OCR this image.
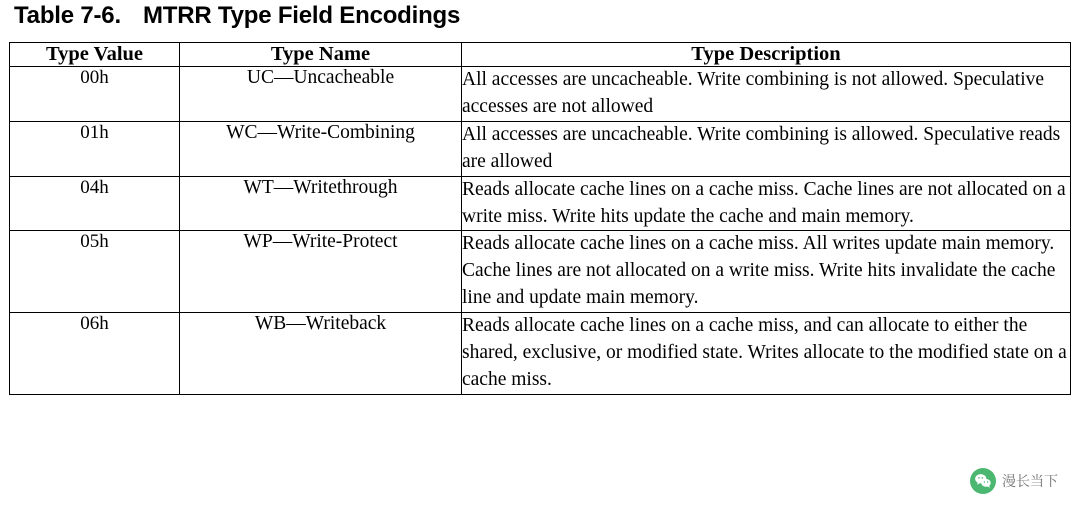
Table 7-6. MTRR Type Field Encodings
Type Value	Type Name	Type Description
00h	UC—Uncacheable	All accesses are uncacheable. Write combining is not allowed. Speculative accesses are not allowed
01h	WC—Write-Combining	All accesses are uncacheable. Write combining is allowed. Speculative reads are allowed
04h	WT—Writethrough	Reads allocate cache lines on a cache miss. Cache lines are not allocated on a write miss. Write hits update the cache and main memory.
05h	WP—Write-Protect	Reads allocate cache lines on a cache miss. All writes update main memory. Cache lines are not allocated on a write miss. Write hits invalidate the cache line and update main memory.
06h	WB—Writeback	Reads allocate cache lines on a cache miss, and can allocate to either the shared, exclusive, or modified state. Writes allocate to the modified state on a cache miss.
漫长当下
